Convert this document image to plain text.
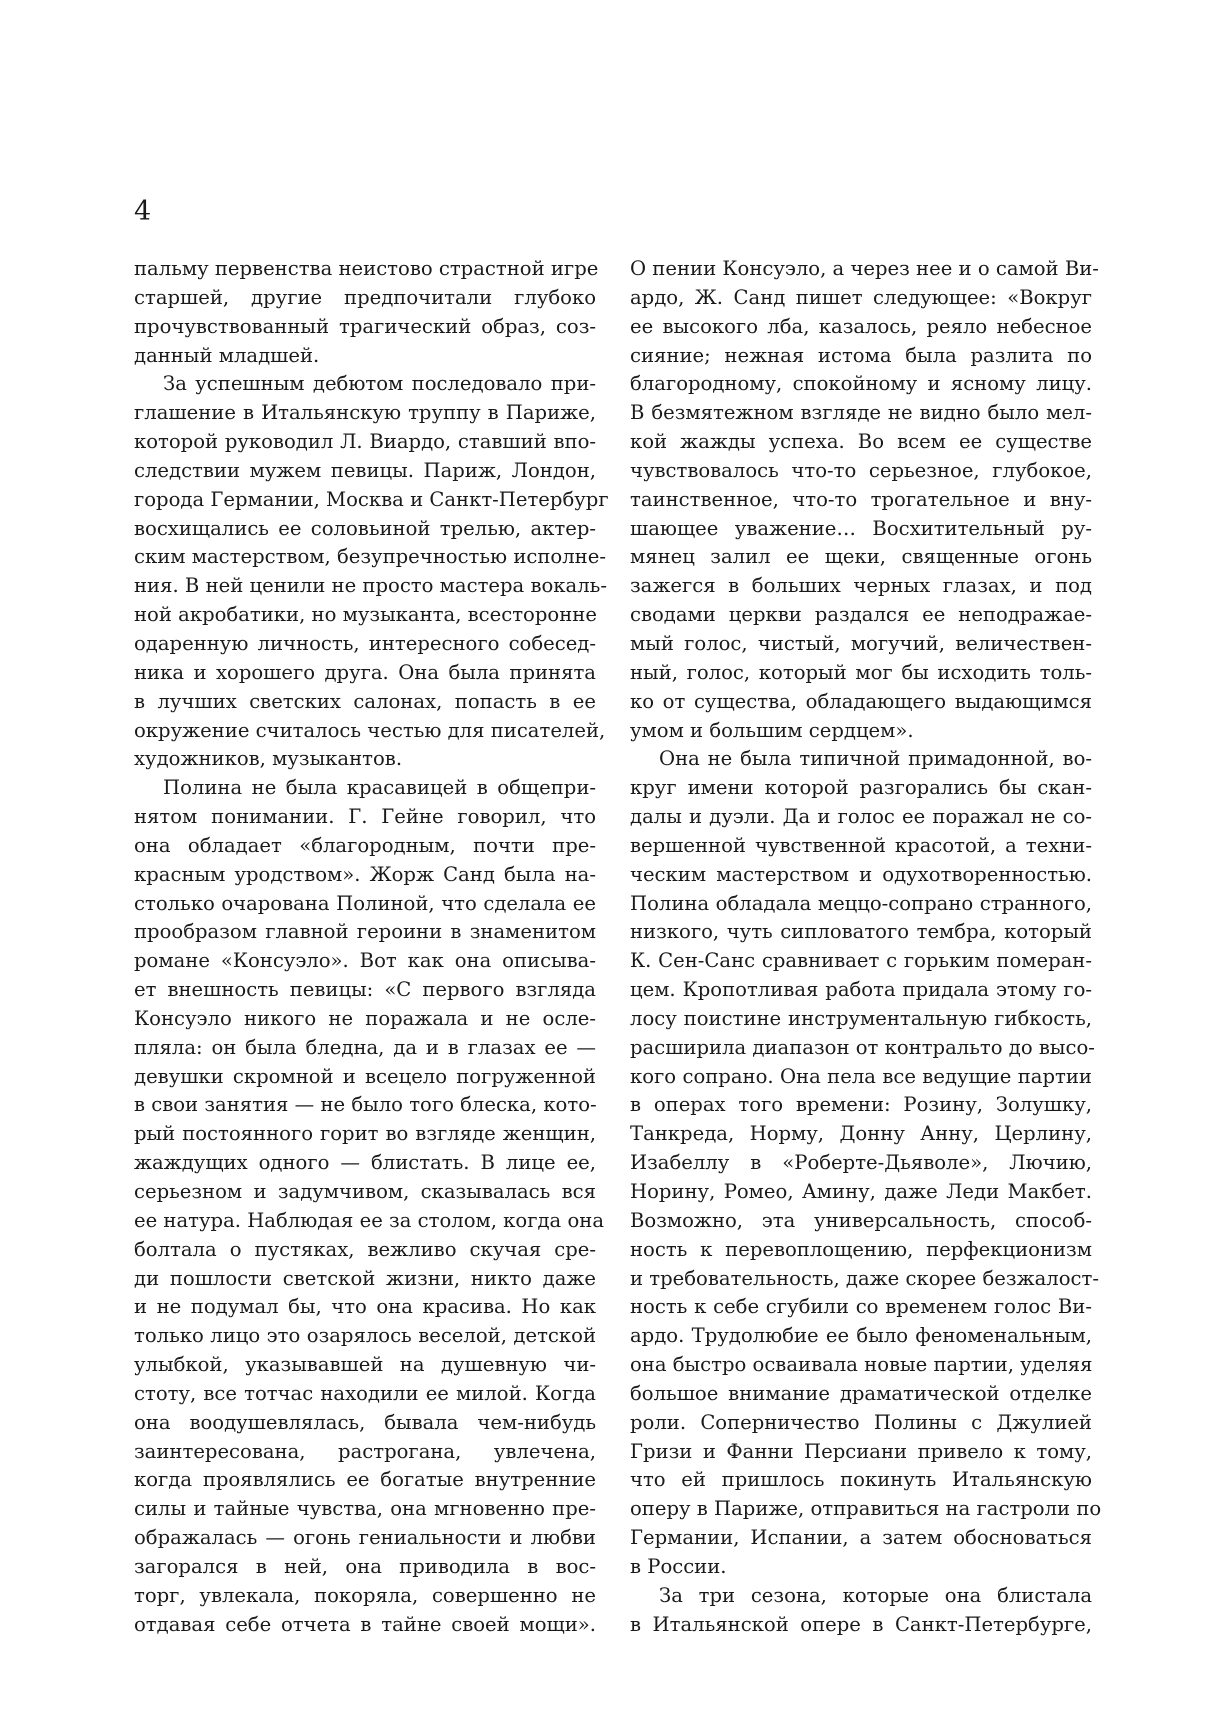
4
пальму первенства неистово страстной игре
старшей, другие предпочитали глубоко
прочувствованный трагический образ, соз-
данный младшей.
За успешным дебютом последовало при-
глашение в Итальянскую труппу в Париже,
которой руководил Л. Виардо, ставший впо-
следствии мужем певицы. Париж, Лондон,
города Германии, Москва и Санкт-Петербург
восхищались ее соловьиной трелью, актер-
ским мастерством, безупречностью исполне-
ния. В ней ценили не просто мастера вокаль-
ной акробатики, но музыканта, всесторонне
одаренную личность, интересного собесед-
ника и хорошего друга. Она была принята
в лучших светских салонах, попасть в ее
окружение считалось честью для писателей,
художников, музыкантов.
Полина не была красавицей в общепри-
нятом понимании. Г. Гейне говорил, что
она обладает «благородным, почти пре-
красным уродством». Жорж Санд была на-
столько очарована Полиной, что сделала ее
прообразом главной героини в знаменитом
романе «Консуэло». Вот как она описыва-
ет внешность певицы: «С первого взгляда
Консуэло никого не поражала и не осле-
пляла: он была бледна, да и в глазах ее —
девушки скромной и всецело погруженной
в свои занятия — не было того блеска, кото-
рый постоянного горит во взгляде женщин,
жаждущих одного — блистать. В лице ее,
серьезном и задумчивом, сказывалась вся
ее натура. Наблюдая ее за столом, когда она
болтала о пустяках, вежливо скучая сре-
ди пошлости светской жизни, никто даже
и не подумал бы, что она красива. Но как
только лицо это озарялось веселой, детской
улыбкой, указывавшей на душевную чи-
стоту, все тотчас находили ее милой. Когда
она воодушевлялась, бывала чем-нибудь
заинтересована, растрогана, увлечена,
когда проявлялись ее богатые внутренние
силы и тайные чувства, она мгновенно пре-
ображалась — огонь гениальности и любви
загорался в ней, она приводила в вос-
торг, увлекала, покоряла, совершенно не
отдавая себе отчета в тайне своей мощи».
О пении Консуэло, а через нее и о самой Ви-
ардо, Ж. Санд пишет следующее: «Вокруг
ее высокого лба, казалось, реяло небесное
сияние; нежная истома была разлита по
благородному, спокойному и ясному лицу.
В безмятежном взгляде не видно было мел-
кой жажды успеха. Во всем ее существе
чувствовалось что-то серьезное, глубокое,
таинственное, что-то трогательное и вну-
шающее уважение… Восхитительный ру-
мянец залил ее щеки, священные огонь
зажегся в больших черных глазах, и под
сводами церкви раздался ее неподражае-
мый голос, чистый, могучий, величествен-
ный, голос, который мог бы исходить толь-
ко от существа, обладающего выдающимся
умом и большим сердцем».
Она не была типичной примадонной, во-
круг имени которой разгорались бы скан-
далы и дуэли. Да и голос ее поражал не со-
вершенной чувственной красотой, а техни-
ческим мастерством и одухотворенностью.
Полина обладала меццо-сопрано странного,
низкого, чуть сипловатого тембра, который
К. Сен-Санс сравнивает с горьким померан-
цем. Кропотливая работа придала этому го-
лосу поистине инструментальную гибкость,
расширила диапазон от контральто до высо-
кого сопрано. Она пела все ведущие партии
в операх того времени: Розину, Золушку,
Танкреда, Норму, Донну Анну, Церлину,
Изабеллу в «Роберте-Дьяволе», Лючию,
Норину, Ромео, Амину, даже Леди Макбет.
Возможно, эта универсальность, способ-
ность к перевоплощению, перфекционизм
и требовательность, даже скорее безжалост-
ность к себе сгубили со временем голос Ви-
ардо. Трудолюбие ее было феноменальным,
она быстро осваивала новые партии, уделяя
большое внимание драматической отделке
роли. Соперничество Полины с Джулией
Гризи и Фанни Персиани привело к тому,
что ей пришлось покинуть Итальянскую
оперу в Париже, отправиться на гастроли по
Германии, Испании, а затем обосноваться
в России.
За три сезона, которые она блистала
в Итальянской опере в Санкт-Петербурге,
